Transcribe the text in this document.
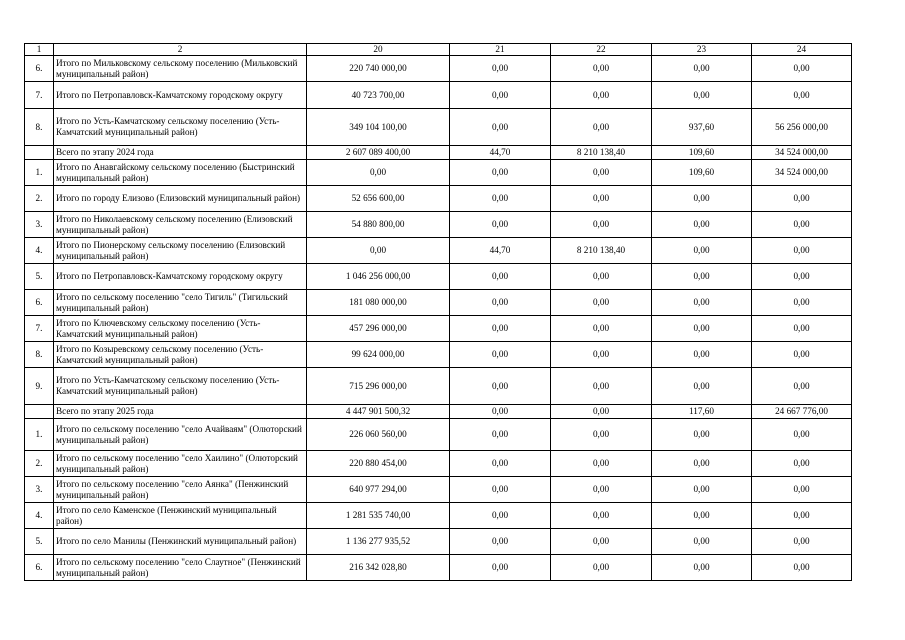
1	2	20	21	22	23	24
6.	Итого по Мильковскому сельскому поселению (Мильковский муниципальный район)	220 740 000,00	0,00	0,00	0,00	0,00
7.	Итого по Петропавловск-Камчатскому городскому округу	40 723 700,00	0,00	0,00	0,00	0,00
8.	Итого по Усть-Камчатскому сельскому поселению (Усть-Камчатский муниципальный район)	349 104 100,00	0,00	0,00	937,60	56 256 000,00
	Всего по этапу 2024 года	2 607 089 400,00	44,70	8 210 138,40	109,60	34 524 000,00
1.	Итого по Анавгайскому сельскому поселению (Быстринский муниципальный район)	0,00	0,00	0,00	109,60	34 524 000,00
2.	Итого по городу Елизово (Елизовский муниципальный район)	52 656 600,00	0,00	0,00	0,00	0,00
3.	Итого по Николаевскому сельскому поселению (Елизовский муниципальный район)	54 880 800,00	0,00	0,00	0,00	0,00
4.	Итого по Пионерскому сельскому поселению (Елизовский муниципальный район)	0,00	44,70	8 210 138,40	0,00	0,00
5.	Итого по Петропавловск-Камчатскому городскому округу	1 046 256 000,00	0,00	0,00	0,00	0,00
6.	Итого по сельскому поселению "село Тигиль" (Тигильский муниципальный район)	181 080 000,00	0,00	0,00	0,00	0,00
7.	Итого по Ключевскому сельскому поселению (Усть-Камчатский муниципальный район)	457 296 000,00	0,00	0,00	0,00	0,00
8.	Итого по Козыревскому сельскому поселению (Усть-Камчатский муниципальный район)	99 624 000,00	0,00	0,00	0,00	0,00
9.	Итого по Усть-Камчатскому сельскому поселению (Усть-Камчатский муниципальный район)	715 296 000,00	0,00	0,00	0,00	0,00
	Всего по этапу 2025 года	4 447 901 500,32	0,00	0,00	117,60	24 667 776,00
1.	Итого по сельскому поселению "село Ачайваям" (Олюторский муниципальный район)	226 060 560,00	0,00	0,00	0,00	0,00
2.	Итого по сельскому поселению "село Хаилино" (Олюторский муниципальный район)	220 880 454,00	0,00	0,00	0,00	0,00
3.	Итого по сельскому поселению "село Аянка" (Пенжинский муниципальный район)	640 977 294,00	0,00	0,00	0,00	0,00
4.	Итого по село Каменское (Пенжинский муниципальный район)	1 281 535 740,00	0,00	0,00	0,00	0,00
5.	Итого по село Манилы (Пенжинский муниципальный район)	1 136 277 935,52	0,00	0,00	0,00	0,00
6.	Итого по сельскому поселению "село Слаутное" (Пенжинский муниципальный район)	216 342 028,80	0,00	0,00	0,00	0,00
